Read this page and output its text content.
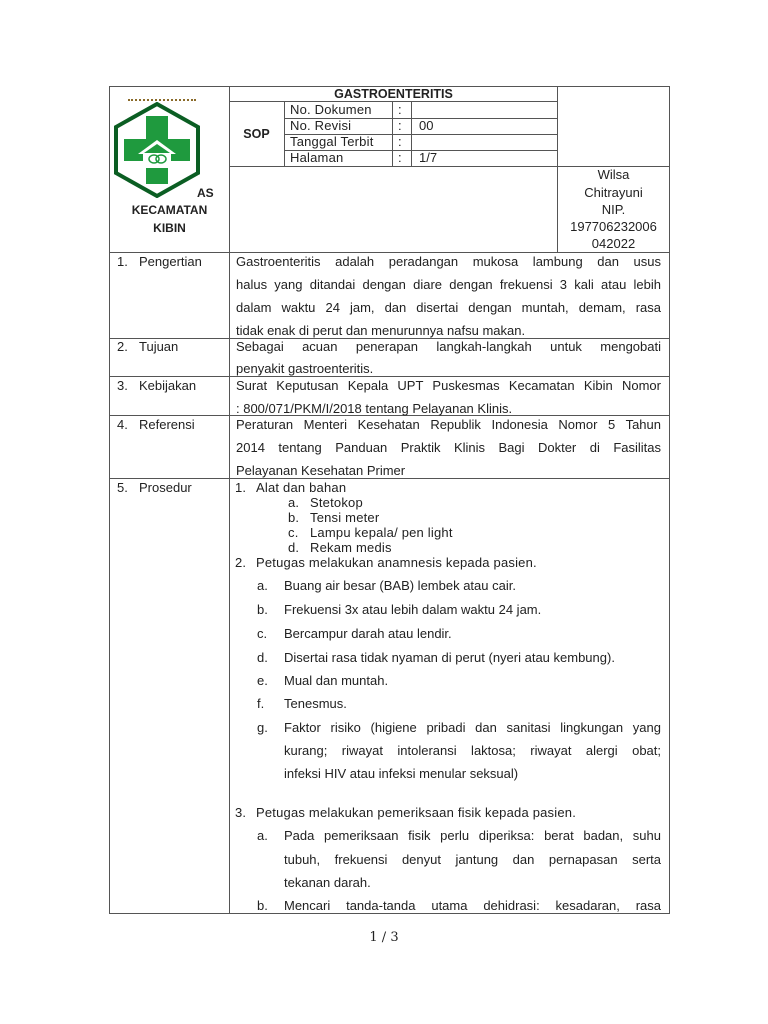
AS
KECAMATAN
KIBIN
GASTROENTERITIS
SOP
No. Dokumen :
No. Revisi	: 00
Tanggal Terbit :
Halaman	: 1/7
Wilsa
Chitrayuni
NIP.
197706232006
042022
1. Pengertian	Gastroenteritis adalah peradangan mukosa lambung dan usus
halus yang ditandai dengan diare dengan frekuensi 3 kali atau lebih
dalam waktu 24 jam, dan disertai dengan muntah, demam, rasa
tidak enak di perut dan menurunnya nafsu makan.
2. Tujuan	Sebagai acuan penerapan langkah-langkah untuk mengobati
penyakit gastroenteritis.
3. Kebijakan	Surat Keputusan Kepala UPT Puskesmas Kecamatan Kibin Nomor
: 800/071/PKM/I/2018 tentang Pelayanan Klinis.
4. Referensi	Peraturan Menteri Kesehatan Republik Indonesia Nomor 5 Tahun
2014 tentang Panduan Praktik Klinis Bagi Dokter di Fasilitas
Pelayanan Kesehatan Primer
5. Prosedur	1. Alat dan bahan
a. Stetokop
b. Tensi meter
c. Lampu kepala/ pen light
d. Rekam medis
2. Petugas melakukan anamnesis kepada pasien.
a. Buang air besar (BAB) lembek atau cair.
b. Frekuensi 3x atau lebih dalam waktu 24 jam.
c. Bercampur darah atau lendir.
d. Disertai rasa tidak nyaman di perut (nyeri atau kembung).
e. Mual dan muntah.
f. Tenesmus.
g. Faktor risiko (higiene pribadi dan sanitasi lingkungan yang
kurang; riwayat intoleransi laktosa; riwayat alergi obat;
infeksi HIV atau infeksi menular seksual)
3. Petugas melakukan pemeriksaan fisik kepada pasien.
a. Pada pemeriksaan fisik perlu diperiksa: berat badan, suhu
tubuh, frekuensi denyut jantung dan pernapasan serta
tekanan darah.
b. Mencari tanda-tanda utama dehidrasi: kesadaran, rasa
1 / 3
